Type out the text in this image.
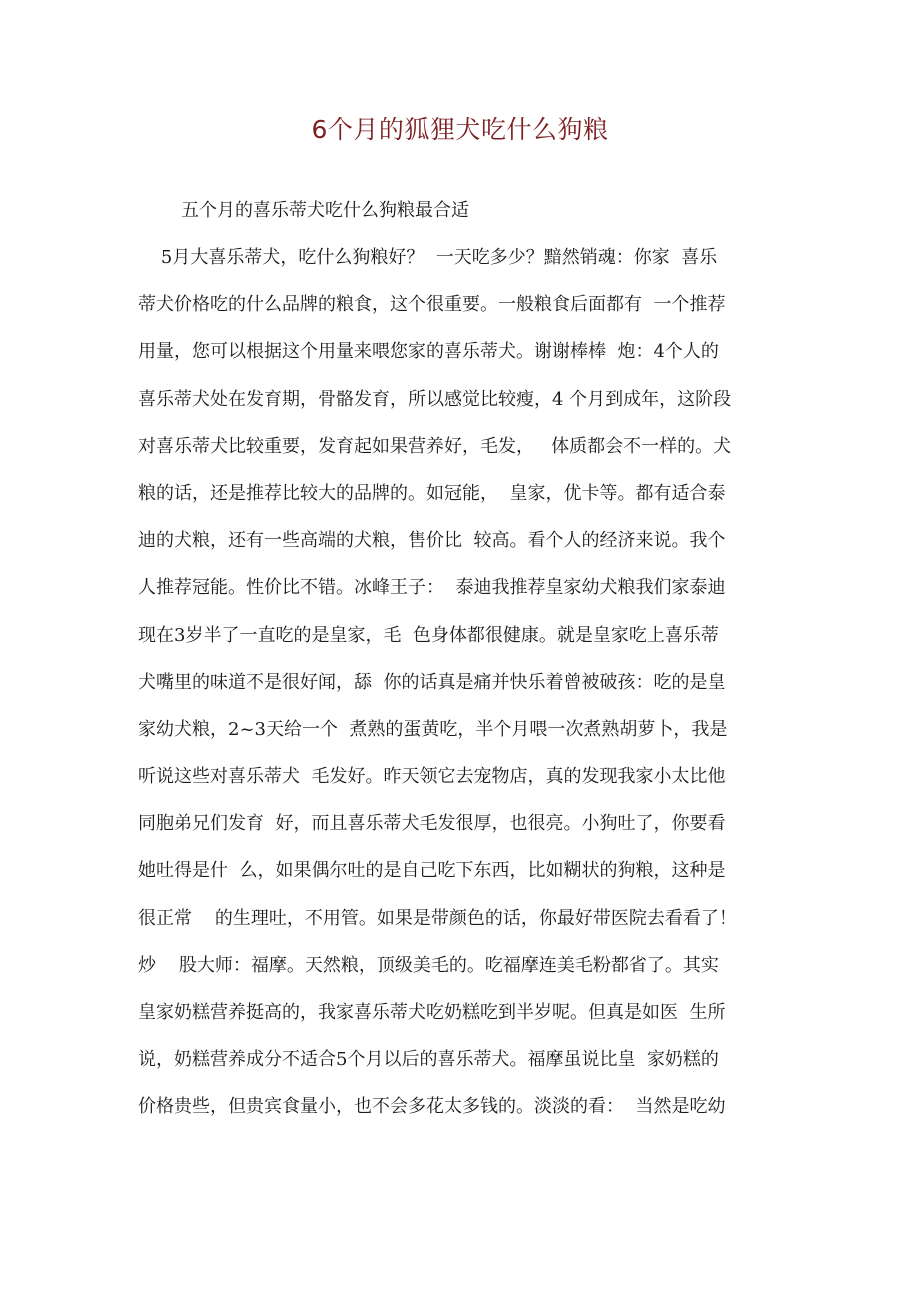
6个月的狐狸犬吃什么狗粮
五个月的喜乐蒂犬吃什么狗粮最合适
5月大喜乐蒂犬，吃什么狗粮好？  一天吃多少？黯然销魂：你家  喜乐
蒂犬价格吃的什么品牌的粮食，这个很重要。一般粮食后面都有  一个推荐
用量，您可以根据这个用量来喂您家的喜乐蒂犬。谢谢棒棒  炮：4个人的
喜乐蒂犬处在发育期，骨骼发育，所以感觉比较瘦，4 个月到成年，这阶段
对喜乐蒂犬比较重要，发育起如果营养好，毛发，   体质都会不一样的。犬
粮的话，还是推荐比较大的品牌的。如冠能，  皇家，优卡等。都有适合泰
迪的犬粮，还有一些高端的犬粮，售价比  较高。看个人的经济来说。我个
人推荐冠能。性价比不错。冰峰王子：  泰迪我推荐皇家幼犬粮我们家泰迪
现在3岁半了一直吃的是皇家，毛  色身体都很健康。就是皇家吃上喜乐蒂
犬嘴里的味道不是很好闻，舔  你的话真是痛并快乐着曾被破孩：吃的是皇
家幼犬粮，2~3天给一个  煮熟的蛋黄吃，半个月喂一次煮熟胡萝卜，我是
听说这些对喜乐蒂犬  毛发好。昨天领它去宠物店，真的发现我家小太比他
同胞弟兄们发育  好，而且喜乐蒂犬毛发很厚，也很亮。小狗吐了，你要看
她吐得是什  么，如果偶尔吐的是自己吃下东西，比如糊状的狗粮，这种是
很正常    的生理吐，不用管。如果是带颜色的话，你最好带医院去看看了！
炒    股大师：福摩。天然粮，顶级美毛的。吃福摩连美毛粉都省了。其实
皇家奶糕营养挺高的，我家喜乐蒂犬吃奶糕吃到半岁呢。但真是如医  生所
说，奶糕营养成分不适合5个月以后的喜乐蒂犬。福摩虽说比皇  家奶糕的
价格贵些，但贵宾食量小，也不会多花太多钱的。淡淡的看：  当然是吃幼
